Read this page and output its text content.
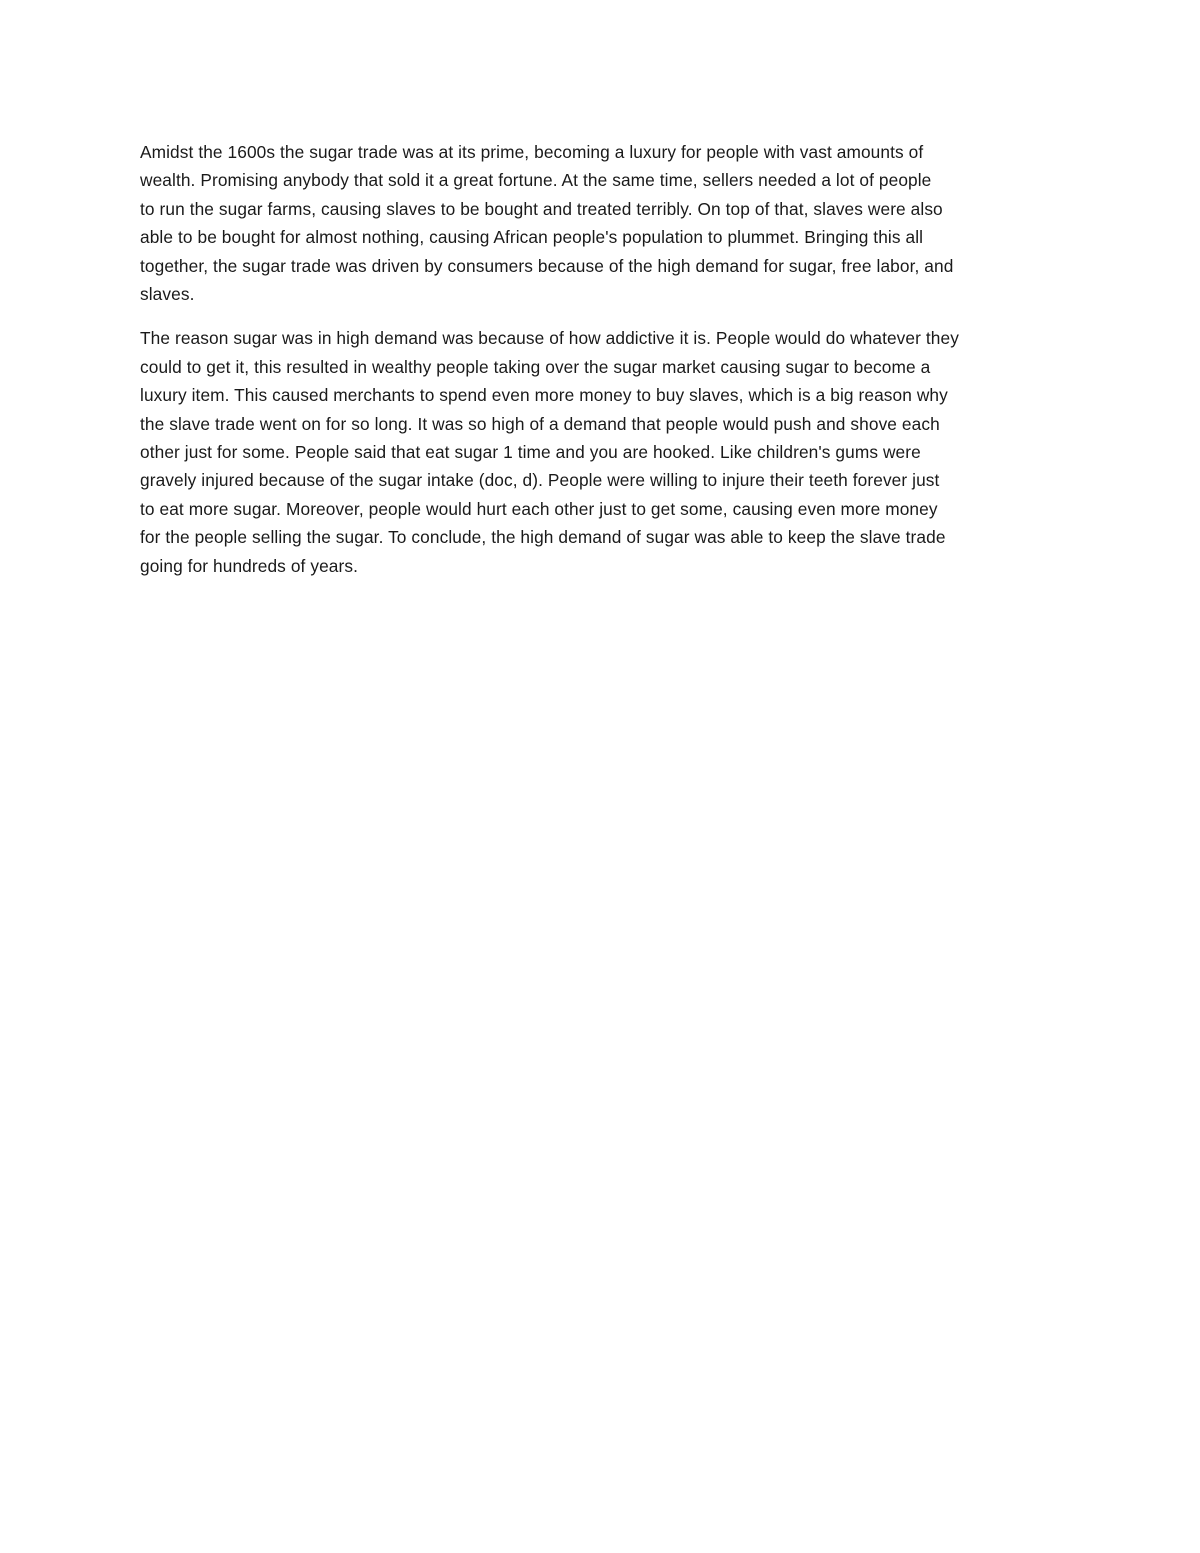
Amidst the 1600s the sugar trade was at its prime, becoming a luxury for people with vast amounts of
wealth. Promising anybody that sold it a great fortune. At the same time, sellers needed a lot of people
to run the sugar farms, causing slaves to be bought and treated terribly. On top of that, slaves were also
able to be bought for almost nothing, causing African people's population to plummet. Bringing this all
together, the sugar trade was driven by consumers because of the high demand for sugar, free labor, and
slaves.

The reason sugar was in high demand was because of how addictive it is. People would do whatever they
could to get it, this resulted in wealthy people taking over the sugar market causing sugar to become a
luxury item. This caused merchants to spend even more money to buy slaves, which is a big reason why
the slave trade went on for so long. It was so high of a demand that people would push and shove each
other just for some. People said that eat sugar 1 time and you are hooked. Like children's gums were
gravely injured because of the sugar intake (doc, d). People were willing to injure their teeth forever just
to eat more sugar. Moreover, people would hurt each other just to get some, causing even more money
for the people selling the sugar. To conclude, the high demand of sugar was able to keep the slave trade
going for hundreds of years.
